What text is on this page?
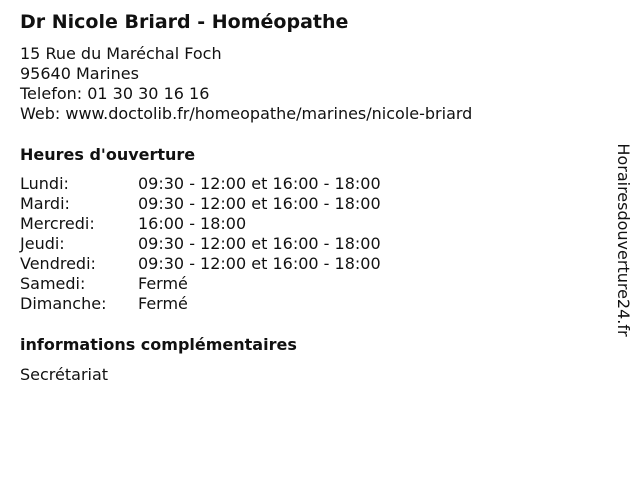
Dr Nicole Briard - Homéopathe
15 Rue du Maréchal Foch
95640 Marines
Telefon: 01 30 30 16 16
Web: www.doctolib.fr/homeopathe/marines/nicole-briard
Heures d'ouverture
Lundi:	09:30 - 12:00 et 16:00 - 18:00
Mardi:	09:30 - 12:00 et 16:00 - 18:00
Mercredi:	16:00 - 18:00
Jeudi:	09:30 - 12:00 et 16:00 - 18:00
Vendredi:	09:30 - 12:00 et 16:00 - 18:00
Samedi:	Fermé
Dimanche:	Fermé
informations complémentaires
Secrétariat
Horairesdouverture24.fr
